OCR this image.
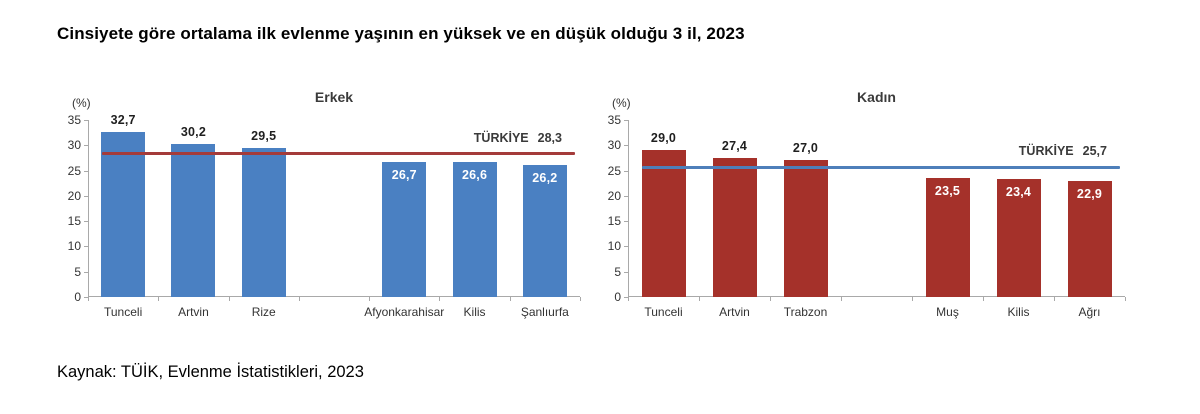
Cinsiyete göre ortalama ilk evlenme yaşının en yüksek ve en düşük olduğu 3 il, 2023
Erkek
(%)
0
5
10
15
20
25
30
35
Tunceli
32,7
Artvin
30,2
Rize
29,5
Afyonkarahisar
26,7
Kilis
26,6
Şanlıurfa
26,2
TÜRKİYE 28,3
Kadın
(%)
0
5
10
15
20
25
30
35
Tunceli
29,0
Artvin
27,4
Trabzon
27,0
Muş
23,5
Kilis
23,4
Ağrı
22,9
TÜRKİYE 25,7
Kaynak: TÜİK, Evlenme İstatistikleri, 2023
